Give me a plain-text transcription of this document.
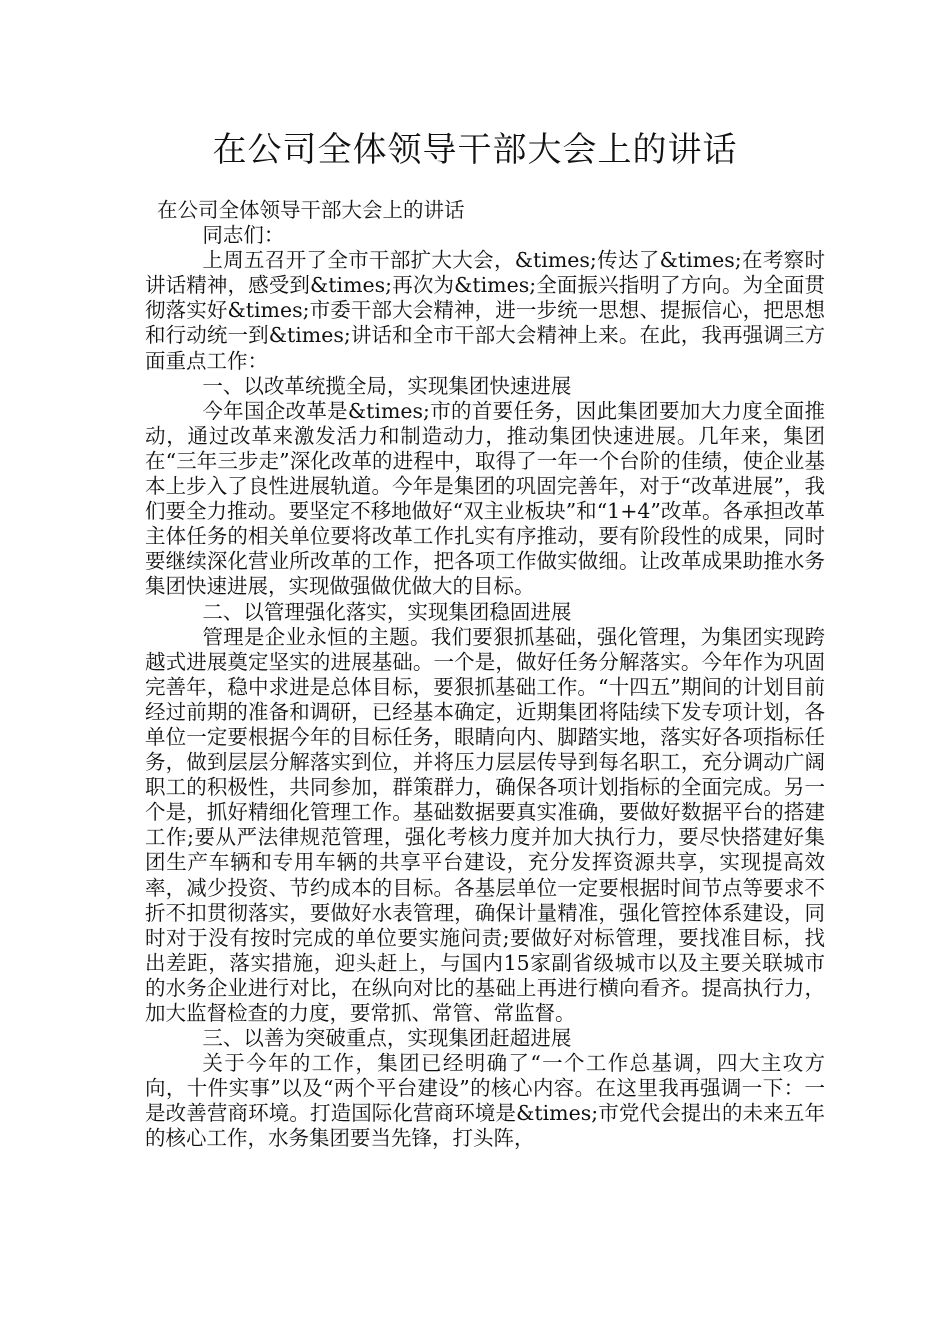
在公司全体领导干部大会上的讲话

在公司全体领导干部大会上的讲话

同志们：

上周五召开了全市干部扩大大会，&times;传达了&times;在考察时讲话精神，感受到&times;再次为&times;全面振兴指明了方向。为全面贯彻落实好&times;市委干部大会精神，进一步统一思想、提振信心，把思想和行动统一到&times;讲话和全市干部大会精神上来。在此，我再强调三方面重点工作：

一、以改革统揽全局，实现集团快速进展

今年国企改革是&times;市的首要任务，因此集团要加大力度全面推动，通过改革来激发活力和制造动力，推动集团快速进展。几年来，集团在“三年三步走”深化改革的进程中，取得了一年一个台阶的佳绩，使企业基本上步入了良性进展轨道。今年是集团的巩固完善年，对于“改革进展”，我们要全力推动。要坚定不移地做好“双主业板块”和“1+4”改革。各承担改革主体任务的相关单位要将改革工作扎实有序推动，要有阶段性的成果，同时要继续深化营业所改革的工作，把各项工作做实做细。让改革成果助推水务集团快速进展，实现做强做优做大的目标。

二、以管理强化落实，实现集团稳固进展

管理是企业永恒的主题。我们要狠抓基础，强化管理，为集团实现跨越式进展奠定坚实的进展基础。一个是，做好任务分解落实。今年作为巩固完善年，稳中求进是总体目标，要狠抓基础工作。“十四五”期间的计划目前经过前期的准备和调研，已经基本确定，近期集团将陆续下发专项计划，各单位一定要根据今年的目标任务，眼睛向内、脚踏实地，落实好各项指标任务，做到层层分解落实到位，并将压力层层传导到每名职工，充分调动广阔职工的积极性，共同参加，群策群力，确保各项计划指标的全面完成。另一个是，抓好精细化管理工作。基础数据要真实准确，要做好数据平台的搭建工作;要从严法律规范管理，强化考核力度并加大执行力，要尽快搭建好集团生产车辆和专用车辆的共享平台建设，充分发挥资源共享，实现提高效率，减少投资、节约成本的目标。各基层单位一定要根据时间节点等要求不折不扣贯彻落实，要做好水表管理，确保计量精准，强化管控体系建设，同时对于没有按时完成的单位要实施问责;要做好对标管理，要找准目标，找出差距，落实措施，迎头赶上，与国内15家副省级城市以及主要关联城市的水务企业进行对比，在纵向对比的基础上再进行横向看齐。提高执行力，加大监督检查的力度，要常抓、常管、常监督。

三、以善为突破重点，实现集团赶超进展

关于今年的工作，集团已经明确了“一个工作总基调，四大主攻方向，十件实事”以及“两个平台建设”的核心内容。在这里我再强调一下：一是改善营商环境。打造国际化营商环境是&times;市党代会提出的未来五年的核心工作，水务集团要当先锋，打头阵，
